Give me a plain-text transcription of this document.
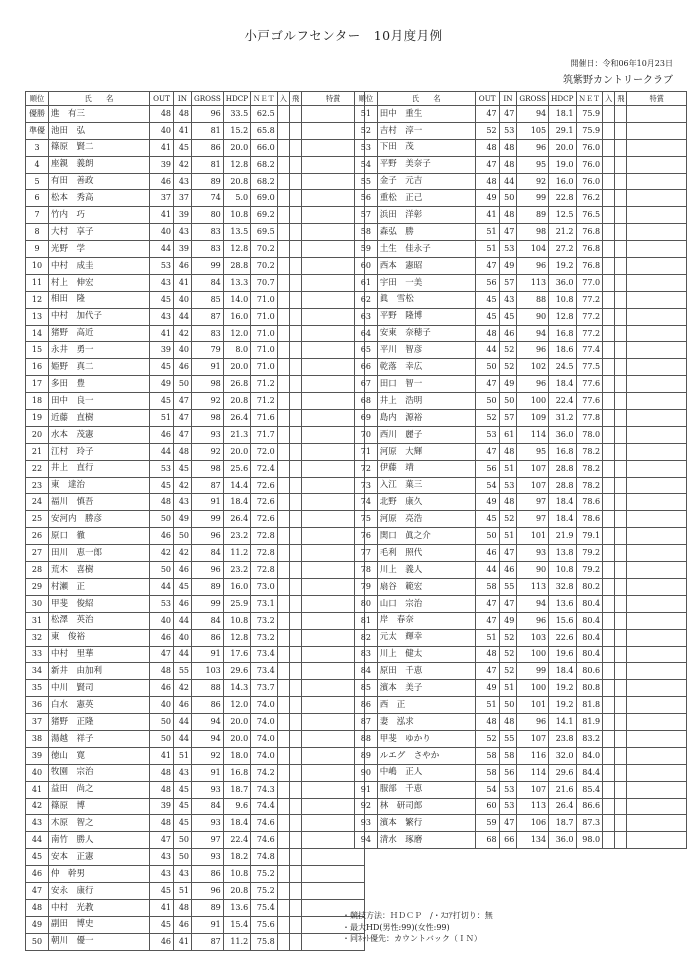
小戸ゴルフセンター　10月度月例
開催日：令和06年10月23日
筑紫野カントリークラブ
順位	氏　　名	OUT	IN	GROSS	HDCP	ＮＥＴ	入	飛	特賞
優勝	進　有三	48	48	96	33.5	62.5			
準優	池田　弘	40	41	81	15.2	65.8			
3	篠原　賢二	41	45	86	20.0	66.0			
4	座親　義朗	39	42	81	12.8	68.2			
5	有田　善政	46	43	89	20.8	68.2			
6	松本　秀高	37	37	74	5.0	69.0			
7	竹内　巧	41	39	80	10.8	69.2			
8	大村　享子	40	43	83	13.5	69.5			
9	光野　学	44	39	83	12.8	70.2			
10	中村　成圭	53	46	99	28.8	70.2			
11	村上　伸宏	43	41	84	13.3	70.7			
12	相田　隆	45	40	85	14.0	71.0			
13	中村　加代子	43	44	87	16.0	71.0			
14	猪野　高近	41	42	83	12.0	71.0			
15	永井　勇一	39	40	79	8.0	71.0			
16	姫野　真二	45	46	91	20.0	71.0			
17	多田　豊	49	50	98	26.8	71.2			
18	田中　良一	45	47	92	20.8	71.2			
19	近藤　直樹	51	47	98	26.4	71.6			
20	水本　茂憲	46	47	93	21.3	71.7			
21	江村　玲子	44	48	92	20.0	72.0			
22	井上　直行	53	45	98	25.6	72.4			
23	東　達治	45	42	87	14.4	72.6			
24	福川　慎吾	48	43	91	18.4	72.6			
25	安河内　勝彦	50	49	99	26.4	72.6			
26	原口　徹	46	50	96	23.2	72.8			
27	田川　恵一郎	42	42	84	11.2	72.8			
28	荒木　喜樹	50	46	96	23.2	72.8			
29	村瀬　正	44	45	89	16.0	73.0			
30	甲斐　俊紹	53	46	99	25.9	73.1			
31	松澤　英治	40	44	84	10.8	73.2			
32	東　俊裕	46	40	86	12.8	73.2			
33	中村　里華	47	44	91	17.6	73.4			
34	新井　由加利	48	55	103	29.6	73.4			
35	中川　賢司	46	42	88	14.3	73.7			
36	白水　憲英	40	46	86	12.0	74.0			
37	猪野　正隆	50	44	94	20.0	74.0			
38	湯越　祥子	50	44	94	20.0	74.0			
39	徳山　寛	41	51	92	18.0	74.0			
40	牧園　宗治	48	43	91	16.8	74.2			
41	益田　尚之	48	45	93	18.7	74.3			
42	篠原　博	39	45	84	9.6	74.4			
43	木原　智之	48	45	93	18.4	74.6			
44	南竹　勝人	47	50	97	22.4	74.6			
45	安本　正憲	43	50	93	18.2	74.8			
46	仲　幹男	43	43	86	10.8	75.2			
47	安永　康行	45	51	96	20.8	75.2			
48	中村　光教	41	48	89	13.6	75.4			
49	副田　博史	45	46	91	15.4	75.6			
50	朝川　優一	46	41	87	11.2	75.8			
順位	氏　　名	OUT	IN	GROSS	HDCP	ＮＥＴ	入	飛	特賞
51	田中　重生	47	47	94	18.1	75.9			
52	吉村　淳一	52	53	105	29.1	75.9			
53	下田　茂	48	48	96	20.0	76.0			
54	平野　美奈子	47	48	95	19.0	76.0			
55	金子　元吉	48	44	92	16.0	76.0			
56	重松　正己	49	50	99	22.8	76.2			
57	浜田　洋彰	41	48	89	12.5	76.5			
58	森弘　勝	51	47	98	21.2	76.8			
59	土生　佳永子	51	53	104	27.2	76.8			
60	西本　憲昭	47	49	96	19.2	76.8			
61	宇田　一美	56	57	113	36.0	77.0			
62	眞　雪松	45	43	88	10.8	77.2			
63	平野　隆博	45	45	90	12.8	77.2			
64	安東　奈穂子	48	46	94	16.8	77.2			
65	平川　智彦	44	52	96	18.6	77.4			
66	乾落　幸広	50	52	102	24.5	77.5			
67	田口　智一	47	49	96	18.4	77.6			
68	井上　浩明	50	50	100	22.4	77.6			
69	島内　源裕	52	57	109	31.2	77.8			
70	西川　麗子	53	61	114	36.0	78.0			
71	河原　大輝	47	48	95	16.8	78.2			
72	伊藤　靖	56	51	107	28.8	78.2			
73	入江　菓三	54	53	107	28.8	78.2			
74	北野　康久	49	48	97	18.4	78.6			
75	河原　亮浩	45	52	97	18.4	78.6			
76	関口　眞之介	50	51	101	21.9	79.1			
77	毛利　照代	46	47	93	13.8	79.2			
78	川上　義人	44	46	90	10.8	79.2			
79	扇谷　範宏	58	55	113	32.8	80.2			
80	山口　宗治	47	47	94	13.6	80.4			
81	岸　春奈	47	49	96	15.6	80.4			
82	元太　輝幸	51	52	103	22.6	80.4			
83	川上　健太	48	52	100	19.6	80.4			
84	原田　千恵	47	52	99	18.4	80.6			
85	濱本　美子	49	51	100	19.2	80.8			
86	西　正	51	50	101	19.2	81.8			
87	妻　泓求	48	48	96	14.1	81.9			
88	甲斐　ゆかり	52	55	107	23.8	83.2			
89	ルエグ　さやか	58	58	116	32.0	84.0			
90	中嶋　正人	58	56	114	29.6	84.4			
91	服部　千恵	54	53	107	21.6	85.4			
92	林　研司郎	60	53	113	26.4	86.6			
93	濱本　繁行	59	47	106	18.7	87.3			
94	清水　琢磨	68	66	134	36.0	98.0			
・競技方法：ＨＤＣＰ　/・ｽｺｱ打切り：無
・最大HD(男性:99)(女性:99)
・同ﾈｯﾄ優先：カウントバック（ＩＮ）
